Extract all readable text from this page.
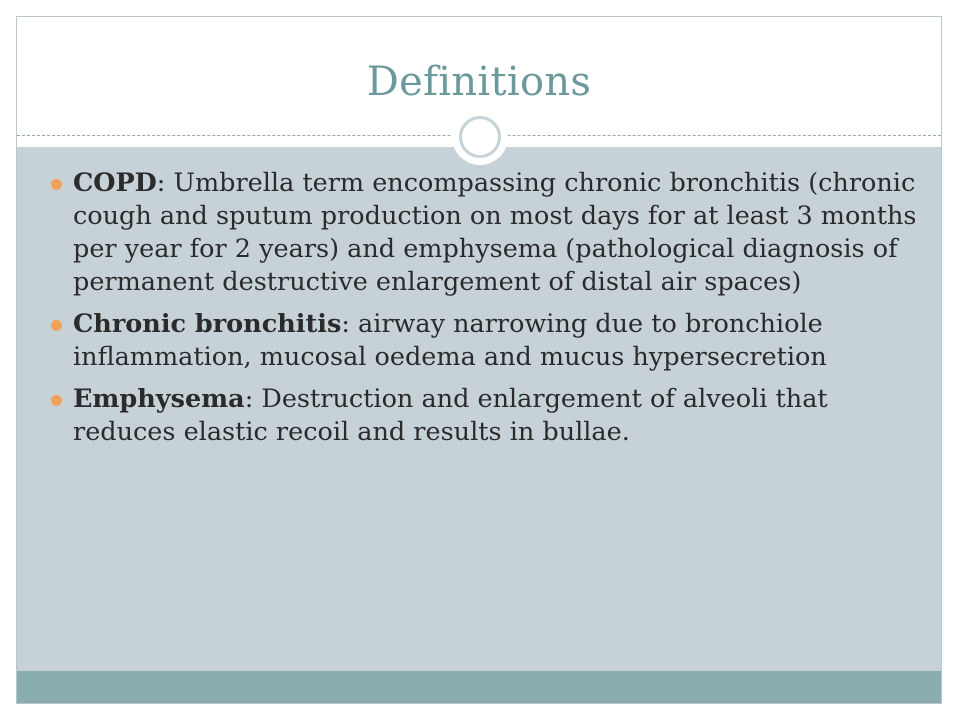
Definitions
COPD: Umbrella term encompassing chronic bronchitis (chronic cough and sputum production on most days for at least 3 months per year for 2 years) and emphysema (pathological diagnosis of permanent destructive enlargement of distal air spaces)
Chronic bronchitis: airway narrowing due to bronchiole inflammation, mucosal oedema and mucus hypersecretion
Emphysema: Destruction and enlargement of alveoli that reduces elastic recoil and results in bullae.
